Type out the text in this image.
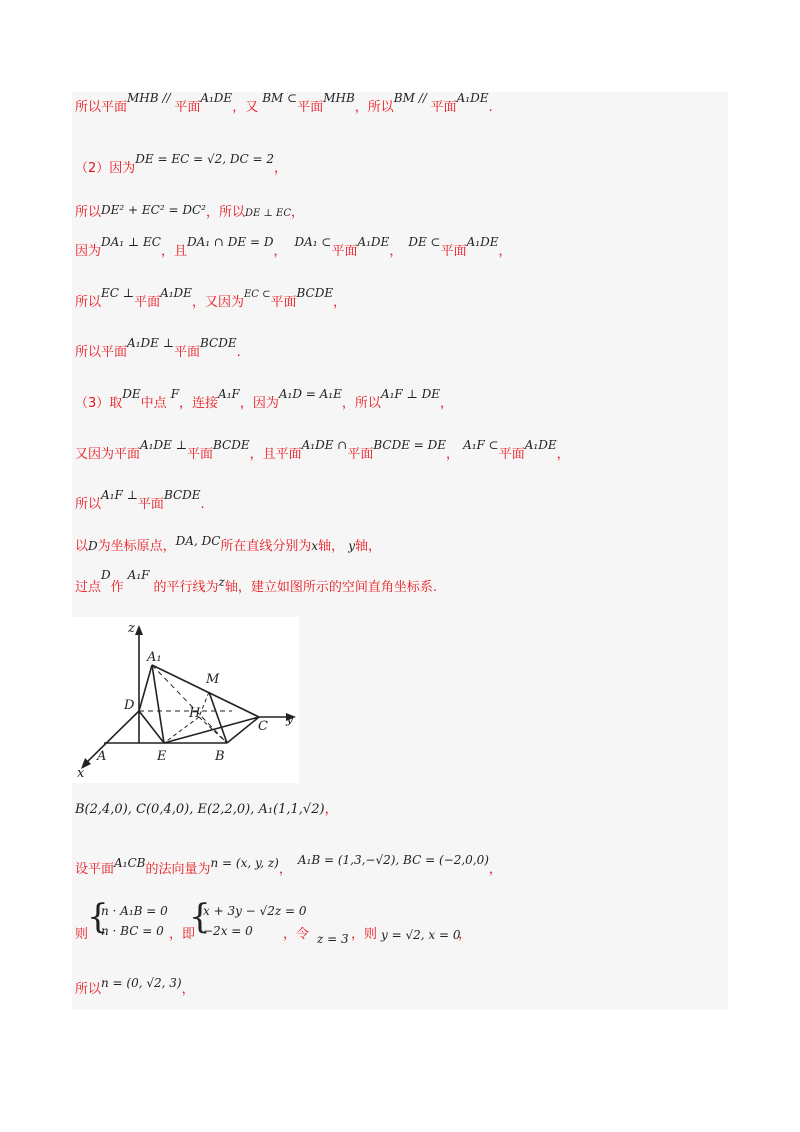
所以平面MHB // 平面A₁DE，又BM ⊂平面MHB，所以BM // 平面A₁DE.
（2）因为DE = EC = √2, DC = 2，
所以DE² + EC² = DC²，所以DE ⊥ EC，
因为DA₁ ⊥ EC，且DA₁ ∩ DE = D，DA₁ ⊂平面A₁DE，DE ⊂平面A₁DE，
所以EC ⊥平面A₁DE，又因为$^{EC \subset}$平面BCDE，
所以平面A₁DE ⊥平面BCDE.
（3）取DE中点F，连接A₁F，因为A₁D = A₁E，所以A₁F ⊥ DE，
又因为平面A₁DE ⊥平面BCDE，且平面A₁DE ∩平面BCDE = DE，A₁F ⊂平面A₁DE，
所以A₁F ⊥平面BCDE.
以D为坐标原点，DA, DC所在直线分别为x轴， y轴，
过点D作A₁F的平行线为z轴，建立如图所示的空间直角坐标系.
z
y
x
A₁
M
D
H
C
A	E	B
B(2,4,0), C(0,4,0), E(2,2,0), A₁(1,1,√2)，
设平面A₁CB的法向量为n = (x, y, z)，A₁B = (1,3,−√2), BC = (−2,0,0)，
则
{
n · A₁B = 0
n · BC = 0 ，即
{
x + 3y − √2z = 0
−2x = 0 ，令 z = 3 ，则 y = √2, x = 0
，
所以n = (0, √2, 3)，
